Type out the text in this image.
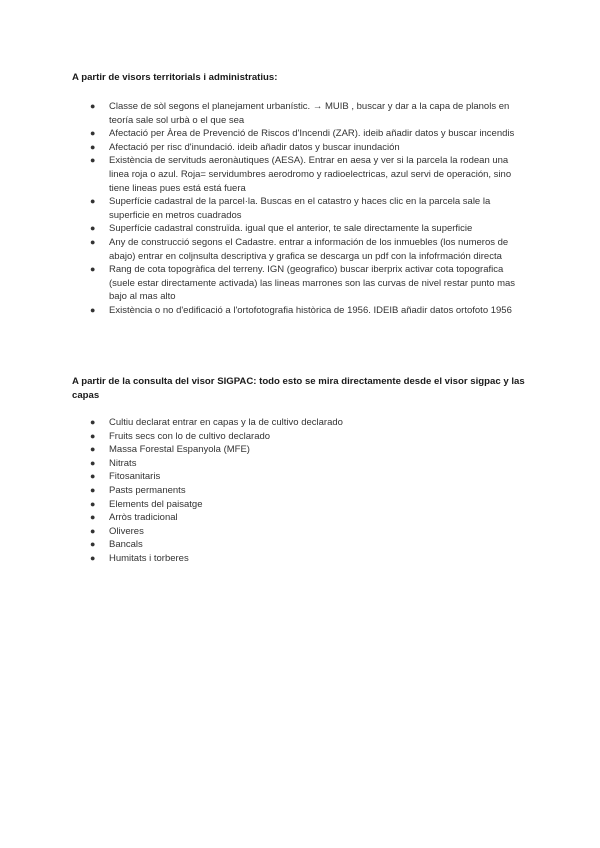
A partir de visors territorials i administratius:

● Classe de sòl segons el planejament urbanístic. → MUIB , buscar y dar a la capa de planols en teoría sale sol urbà o el que sea
● Afectació per Àrea de Prevenció de Riscos d'Incendi (ZAR). ideib añadir datos y buscar incendis
● Afectació per risc d'inundació. ideib añadir datos y buscar inundación
● Existència de servituds aeronàutiques (AESA). Entrar en aesa y ver si la parcela la rodean una linea roja o azul. Roja= servidumbres aerodromo y radioelectricas, azul servi de operación, sino tiene lineas pues está está fuera
● Superfície cadastral de la parcel·la. Buscas en el catastro y haces clic en la parcela sale la superficie en metros cuadrados
● Superfície cadastral construïda. igual que el anterior, te sale directamente la superficie
● Any de construcció segons el Cadastre. entrar a información de los inmuebles (los numeros de abajo) entrar en coljnsulta descriptiva y grafica se descarga un pdf con la infofrmación directa
● Rang de cota topogràfica del terreny. IGN (geografico) buscar iberprix activar cota topografica (suele estar directamente activada) las lineas marrones son las curvas de nivel restar punto mas bajo al mas alto
● Existència o no d'edificació a l'ortofotografia històrica de 1956. IDEIB añadir datos ortofoto 1956

A partir de la consulta del visor SIGPAC: todo esto se mira directamente desde el visor sigpac y las capas

● Cultiu declarat entrar en capas y la de cultivo declarado
● Fruits secs con lo de cultivo declarado
● Massa Forestal Espanyola (MFE)
● Nitrats
● Fitosanitaris
● Pasts permanents
● Elements del paisatge
● Arròs tradicional
● Oliveres
● Bancals
● Humitats i torberes
